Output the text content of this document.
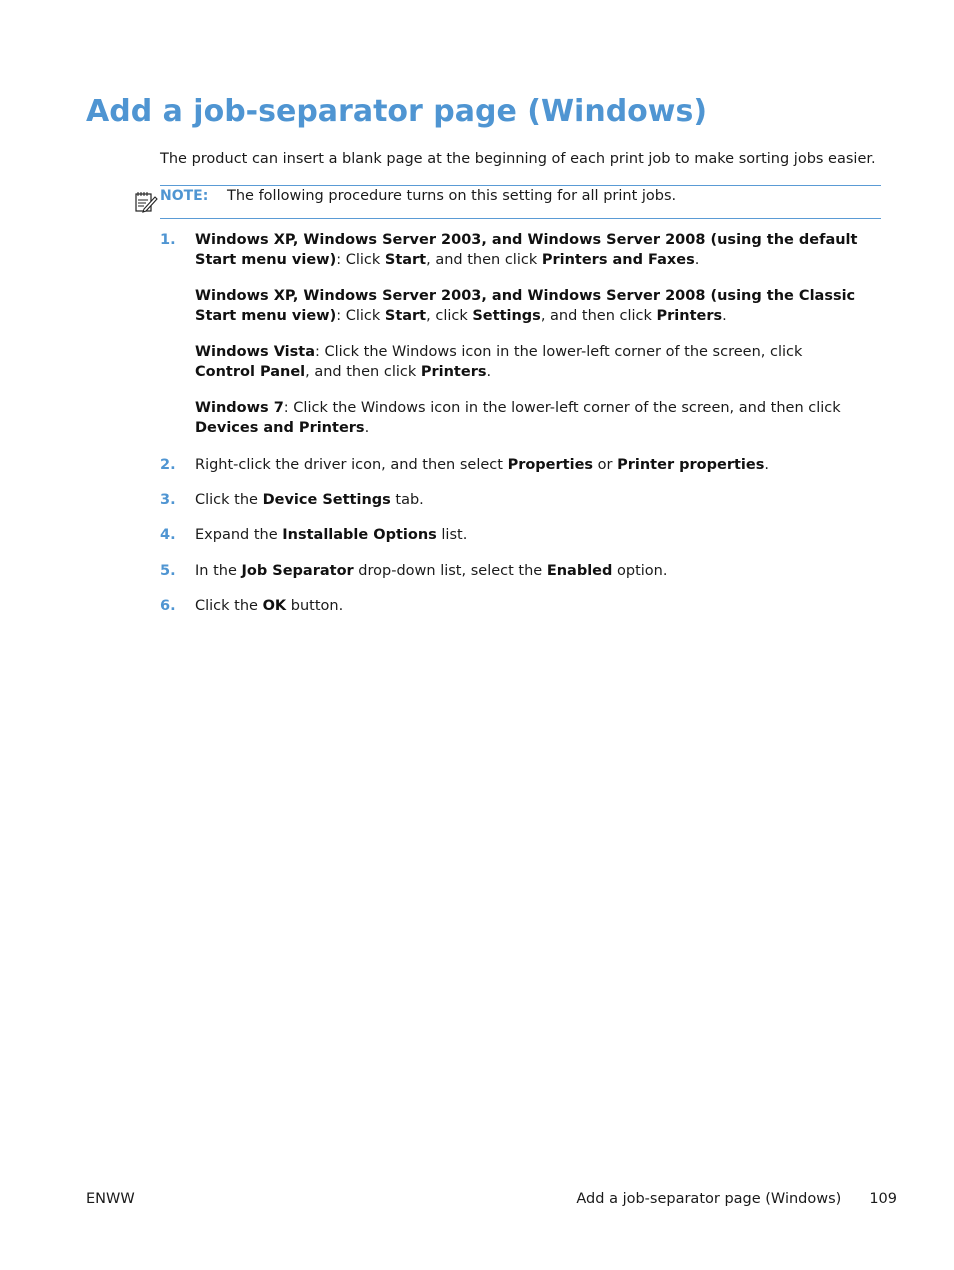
Add a job-separator page (Windows)

The product can insert a blank page at the beginning of each print job to make sorting jobs easier.

NOTE: The following procedure turns on this setting for all print jobs.
1.	Windows XP, Windows Server 2003, and Windows Server 2008 (using the default Start menu view): Click Start, and then click Printers and Faxes.

Windows XP, Windows Server 2003, and Windows Server 2008 (using the Classic Start menu view): Click Start, click Settings, and then click Printers.

Windows Vista: Click the Windows icon in the lower-left corner of the screen, click Control Panel, and then click Printers.

Windows 7: Click the Windows icon in the lower-left corner of the screen, and then click Devices and Printers.

2.	Right-click the driver icon, and then select Properties or Printer properties.

3.	Click the Device Settings tab.

4.	Expand the Installable Options list.

5.	In the Job Separator drop-down list, select the Enabled option.

6.	Click the OK button.

ENWW	Add a job-separator page (Windows) 109
